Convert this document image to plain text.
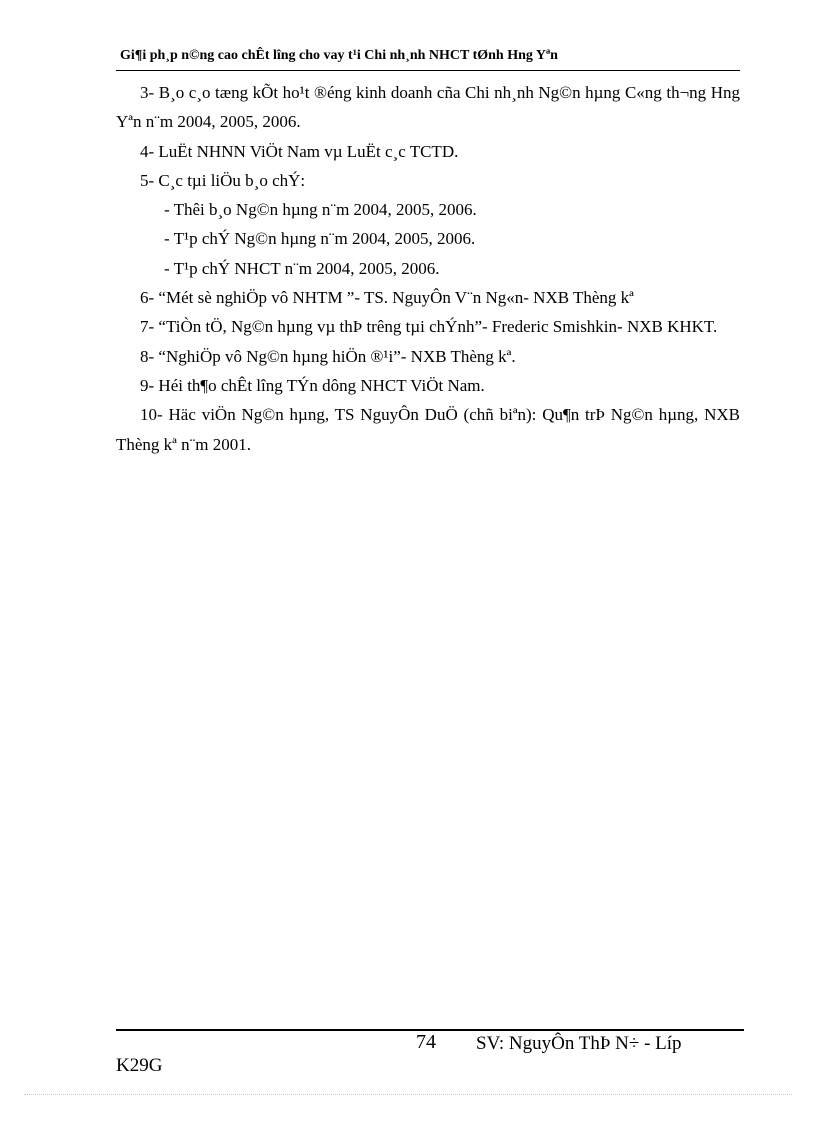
Gi¶i ph¸p n©ng cao chÊt lîng cho vay t¹i Chi nh¸nh NHCT tØnh Hng Yªn

3- B¸o c¸o tæng kÕt ho¹t ®éng kinh doanh cña Chi nh¸nh Ng©n hµng C«ng th¬ng Hng Yªn n¨m 2004, 2005, 2006.

4- LuËt NHNN ViÖt Nam vµ LuËt c¸c TCTD.

5- C¸c tµi liÖu b¸o chÝ:

- Thêi b¸o Ng©n hµng n¨m 2004, 2005, 2006.

- T¹p chÝ Ng©n hµng n¨m 2004, 2005, 2006.

- T¹p chÝ NHCT n¨m 2004, 2005, 2006.

6- “Mét sè nghiÖp vô NHTM ”- TS. NguyÔn V¨n Ng«n- NXB Thèng kª

7- “TiÒn tÖ, Ng©n hµng vµ thÞ trêng tµi chÝnh”- Frederic Smishkin- NXB KHKT.

8- “NghiÖp vô Ng©n hµng hiÖn ®¹i”- NXB Thèng kª.

9- Héi th¶o chÊt lîng TÝn dông NHCT ViÖt Nam.

10- Häc viÖn Ng©n hµng, TS NguyÔn DuÖ (chñ biªn): Qu¶n trÞ Ng©n hµng, NXB Thèng kª n¨m 2001.

74 SV: NguyÔn ThÞ N÷ - Líp
K29G
